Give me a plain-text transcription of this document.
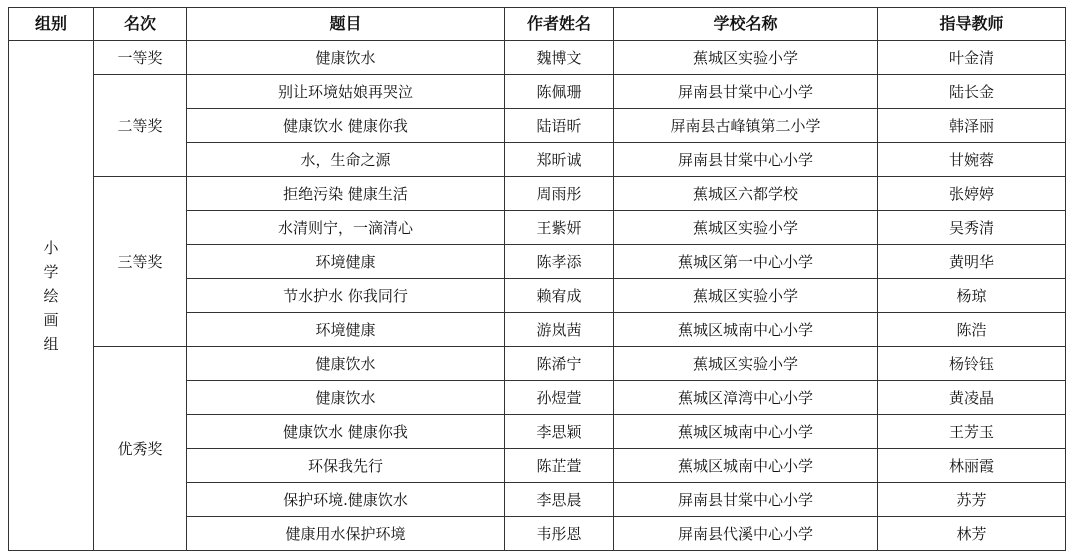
组别	名次	题目	作者姓名	学校名称	指导教师
小学绘画组	一等奖	健康饮水	魏博文	蕉城区实验小学	叶金清
	二等奖	别让环境姑娘再哭泣	陈佩珊	屏南县甘棠中心小学	陆长金
		健康饮水 健康你我	陆语昕	屏南县古峰镇第二小学	韩泽丽
		水，生命之源	郑昕诚	屏南县甘棠中心小学	甘婉蓉
	三等奖	拒绝污染 健康生活	周雨彤	蕉城区六都学校	张婷婷
		水清则宁，一滴清心	王紫妍	蕉城区实验小学	吴秀清
		环境健康	陈孝添	蕉城区第一中心小学	黄明华
		节水护水 你我同行	赖宥成	蕉城区实验小学	杨琼
		环境健康	游岚茜	蕉城区城南中心小学	陈浩
	优秀奖	健康饮水	陈浠宁	蕉城区实验小学	杨铃钰
		健康饮水	孙煜萱	蕉城区漳湾中心小学	黄凌晶
		健康饮水 健康你我	李思颖	蕉城区城南中心小学	王芳玉
		环保我先行	陈芷萱	蕉城区城南中心小学	林丽霞
		保护环境.健康饮水	李思晨	屏南县甘棠中心小学	苏芳
		健康用水保护环境	韦彤恩	屏南县代溪中心小学	林芳
